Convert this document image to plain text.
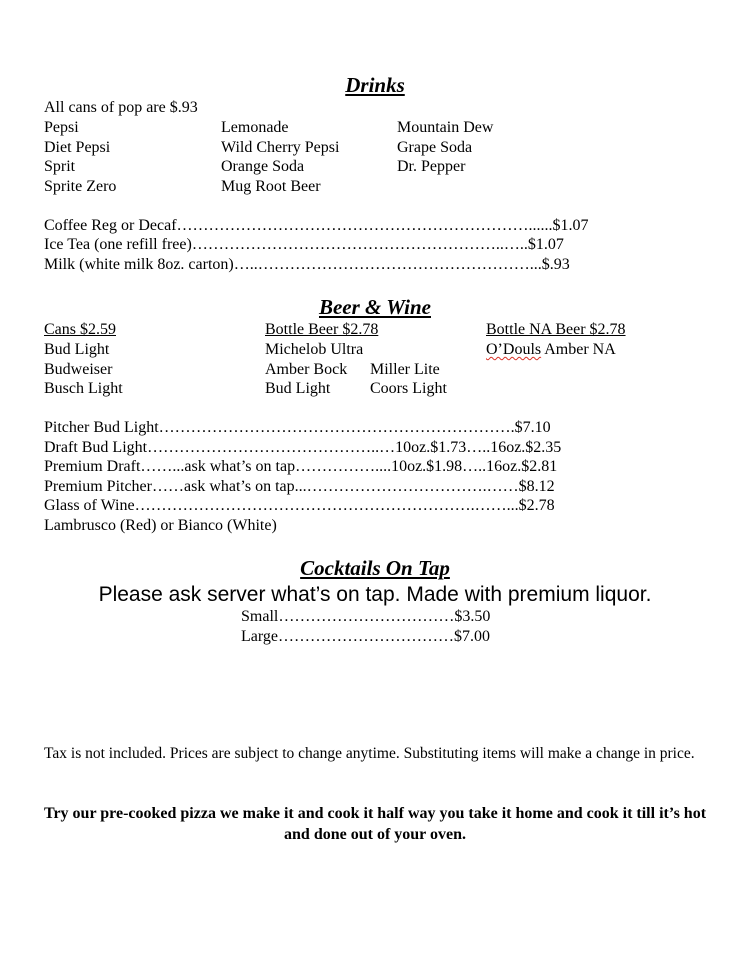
Drinks
All cans of pop are $.93
Pepsi
Diet Pepsi
Sprit
Sprite Zero
Lemonade
Wild Cherry Pepsi
Orange Soda
Mug Root Beer
Mountain Dew
Grape Soda
Dr. Pepper
Coffee Reg or Decaf…………………………………………………………......$1.07
Ice Tea (one refill free)…………………………………………………..…..$1.07
Milk (white milk 8oz. carton)…..……………………………………………...$.93
Beer & Wine
Cans $2.59
Bud Light
Budweiser
Busch Light
Bottle Beer $2.78
Michelob Ultra
Amber Bock
Bud Light
Miller Lite
Coors Light
Bottle NA Beer $2.78
O’Douls Amber NA
Pitcher Bud Light………………………………………………………….$7.10
Draft Bud Light……………………………………..…10oz.$1.73…..16oz.$2.35
Premium Draft……...ask what’s on tap……………....10oz.$1.98…..16oz.$2.81
Premium Pitcher……ask what’s on tap...…………………………….……$8.12
Glass of Wine……………………………………………………….……...$2.78
Lambrusco (Red) or Bianco (White)
Cocktails On Tap
Please ask server what’s on tap. Made with premium liquor.
Small……………………………$3.50
Large……………………………$7.00
Tax is not included. Prices are subject to change anytime. Substituting items will make a change in price.
Try our pre-cooked pizza we make it and cook it half way you take it home and cook it till it’s hot and done out of your oven.
